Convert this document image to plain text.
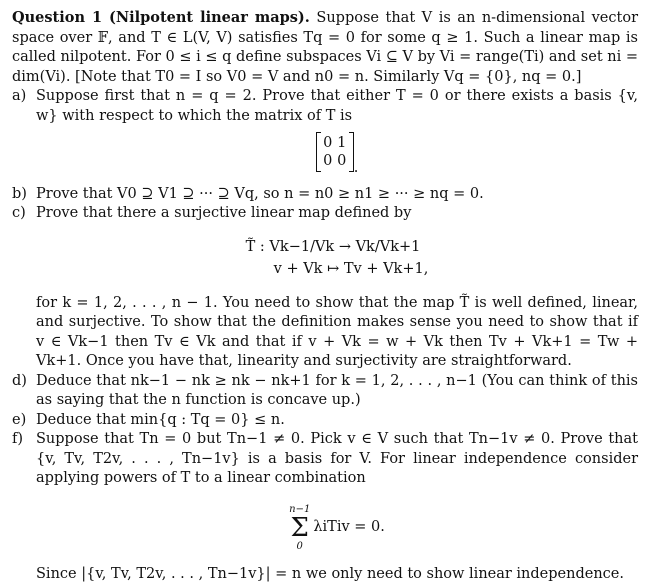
Question 1 (Nilpotent linear maps). Suppose that V is an n-dimensional vector space over 𝔽, and T ∈ L(V, V) satisfies Tq = 0 for some q ≥ 1. Such a linear map is called nilpotent. For 0 ≤ i ≤ q define subspaces Vi ⊆ V by Vi = range(Ti) and set ni = dim(Vi). [Note that T0 = I so V0 = V and n0 = n. Similarly Vq = {0}, nq = 0.]

a) Suppose first that n = q = 2. Prove that either T = 0 or there exists a basis {v, w} with respect to which the matrix of T is
0 1
0 0 .
b) Prove that V0 ⊇ V1 ⊇ ··· ⊇ Vq, so n = n0 ≥ n1 ≥ ··· ≥ nq = 0.
c) Prove that there a surjective linear map defined by
T̃ : Vk−1/Vk → Vk/Vk+1
v + Vk ↦ Tv + Vk+1,
for k = 1, 2, . . . , n − 1. You need to show that the map T̃ is well defined, linear, and surjective. To show that the definition makes sense you need to show that if v ∈ Vk−1 then Tv ∈ Vk and that if v + Vk = w + Vk then Tv + Vk+1 = Tw + Vk+1. Once you have that, linearity and surjectivity are straightforward.
d) Deduce that nk−1 − nk ≥ nk − nk+1 for k = 1, 2, . . . , n−1 (You can think of this as saying that the n function is concave up.)
e) Deduce that min{q : Tq = 0} ≤ n.
f) Suppose that Tn = 0 but Tn−1 ≠ 0. Pick v ∈ V such that Tn−1v ≠ 0. Prove that {v, Tv, T2v, . . . , Tn−1v} is a basis for V. For linear independence consider applying powers of T to a linear combination
n−1
Σ
0
λiTiv = 0.
Since |{v, Tv, T2v, . . . , Tn−1v}| = n we only need to show linear independence.
